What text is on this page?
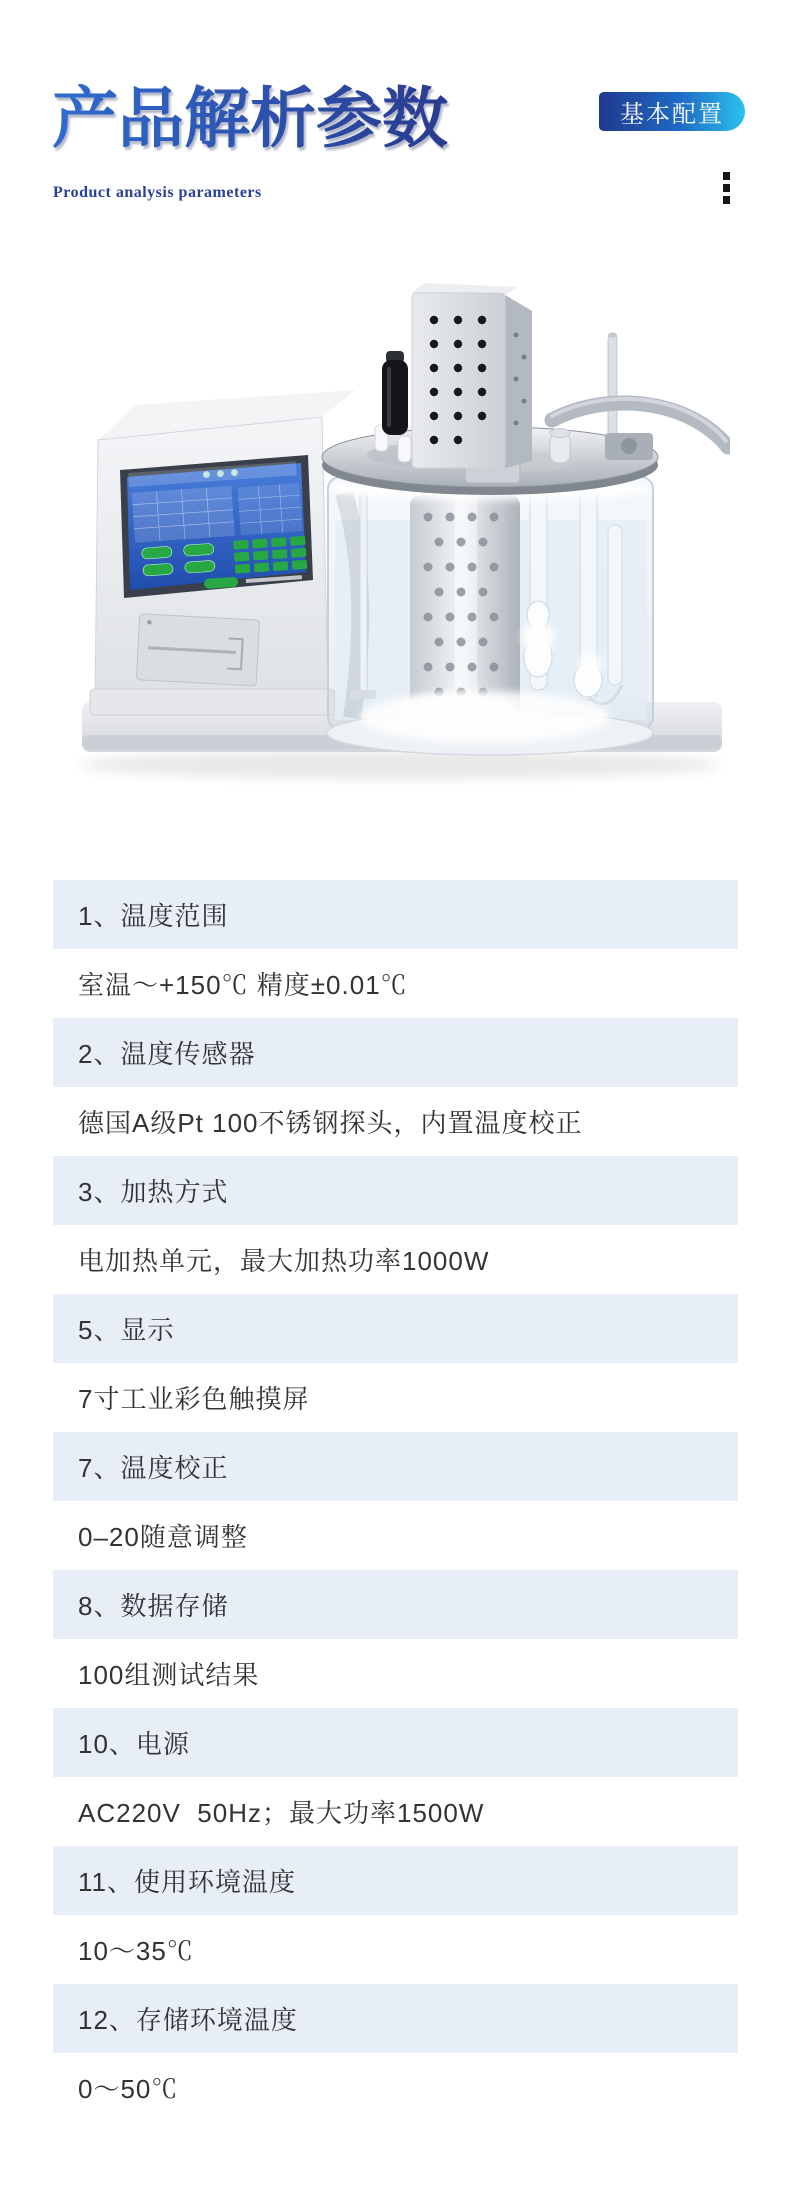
产品解析参数
Product analysis parameters
基本配置
1、温度范围
室温～+150℃ 精度±0.01℃
2、温度传感器
德国A级Pt 100不锈钢探头，内置温度校正
3、加热方式
电加热单元，最大加热功率1000W
5、显示
7寸工业彩色触摸屏
7、温度校正
0–20随意调整
8、数据存储
100组测试结果
10、电源
AC220V  50Hz；最大功率1500W
11、使用环境温度
10～35℃
12、存储环境温度
0～50℃
